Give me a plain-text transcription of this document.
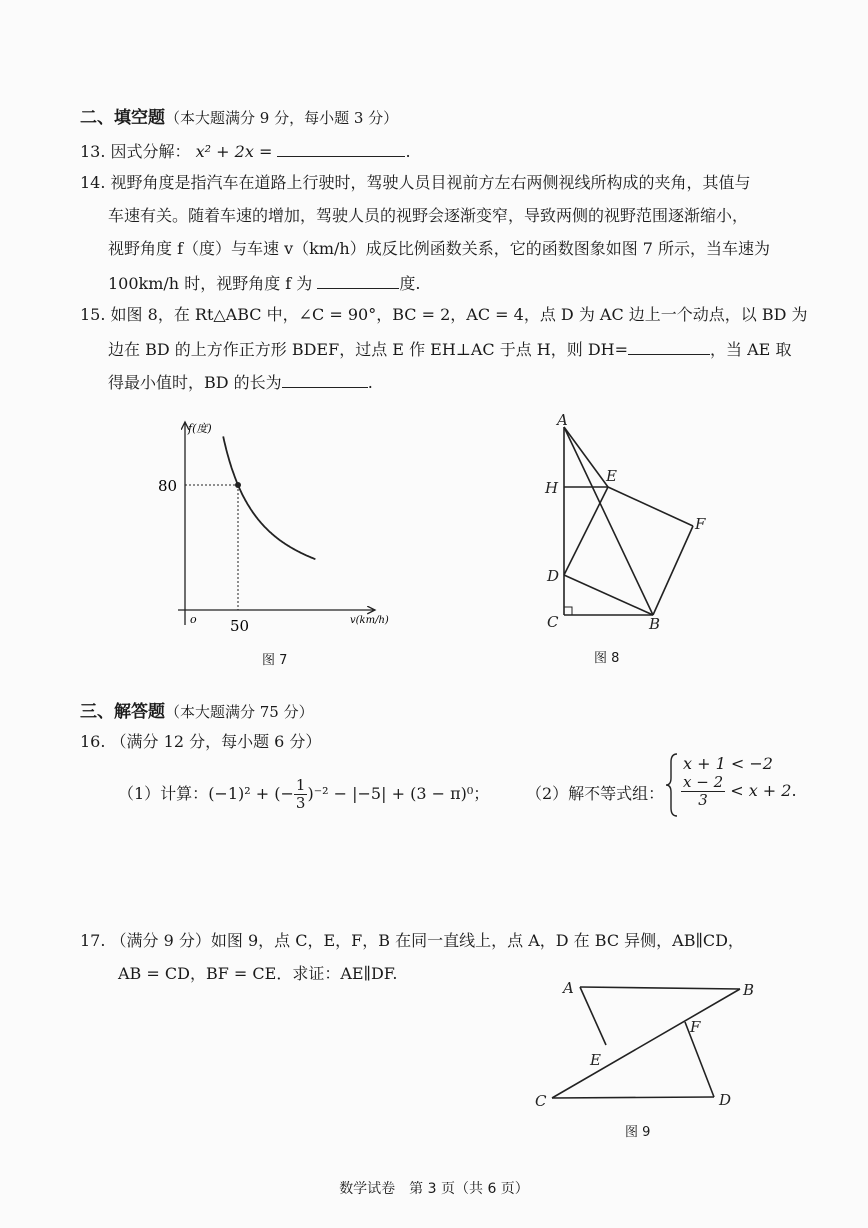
二、填空题（本大题满分 9 分，每小题 3 分）
13. 因式分解： x² + 2x =	.
14. 视野角度是指汽车在道路上行驶时，驾驶人员目视前方左右两侧视线所构成的夹角，其值与
车速有关。随着车速的增加，驾驶人员的视野会逐渐变窄，导致两侧的视野范围逐渐缩小，
视野角度 f（度）与车速 v（km/h）成反比例函数关系，它的函数图象如图 7 所示，当车速为
100km/h 时，视野角度 f 为	度.
15. 如图 8，在 Rt△ABC 中，∠C = 90°，BC = 2，AC = 4，点 D 为 AC 边上一个动点，以 BD 为
边在 BD 的上方作正方形 BDEF，过点 E 作 EH⊥AC 于点 H，则 DH=	，当 AE 取
得最小值时，BD 的长为	.
f(度)
v(km/h)
o
80
50
图 7
A
H
E
F
D
C	B
图 8
三、解答题（本大题满分 75 分）
16. （满分 12 分，每小题 6 分）
（1）计算：(−1)² + (− $\frac{1}{3} )^{-2} - |-5| + (3 - \pi)^0$； （2）解不等式组：
x + 1 < −2
$\frac{x - 2}{3} < x + 2$.
17. （满分 9 分）如图 9，点 C，E，F，B 在同一直线上，点 A，D 在 BC 异侧，AB∥CD，
AB = CD，BF = CE．求证：AE∥DF.
A	B
F
E
C	D
图 9
数学试卷　第 3 页（共 6 页）
